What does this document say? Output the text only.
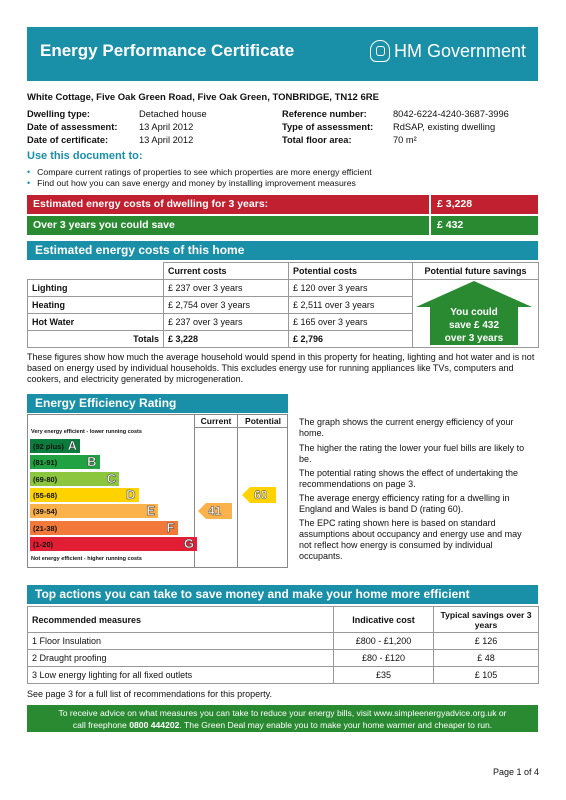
Energy Performance Certificate	HM Government
White Cottage, Five Oak Green Road, Five Oak Green, TONBRIDGE, TN12 6RE
Dwelling type:	Detached house
Date of assessment: 13 April 2012
Date of certificate:	13 April 2012
Reference number:	8042-6224-4240-3687-3996
Type of assessment: RdSAP, existing dwelling
Total floor area:	70 m²
Use this document to:
• Compare current ratings of properties to see which properties are more energy efficient
• Find out how you can save energy and money by installing improvement measures
Estimated energy costs of dwelling for 3 years:	£ 3,228
Over 3 years you could save	£ 432
Estimated energy costs of this home
	Current costs	Potential costs	Potential future savings
Lighting	£ 237 over 3 years	£ 120 over 3 years	
Heating	£ 2,754 over 3 years	£ 2,511 over 3 years	
Hot Water	£ 237 over 3 years	£ 165 over 3 years	
Totals	£ 3,228	£ 2,796	
You could
save £ 432
over 3 years
These figures show how much the average household would spend in this property for heating, lighting and hot water and is not based on energy used by individual households. This excludes energy use for running appliances like TVs, computers and cookers, and electricity generated by microgeneration.
Energy Efficiency Rating
Current	Potential
Very energy efficient - lower running costs
Not energy efficient - higher running costs
(92 plus) A
(81-91) B
(69-80)	C
(55-68)	D
(39-54)	E
(21-38)	F
(1-20)	G
41
60
The graph shows the current energy efficiency of your home.
The higher the rating the lower your fuel bills are likely to be.
The potential rating shows the effect of undertaking the recommendations on page 3.
The average energy efficiency rating for a dwelling in England and Wales is band D (rating 60).
The EPC rating shown here is based on standard assumptions about occupancy and energy use and may not reflect how energy is consumed by individual occupants.
Top actions you can take to save money and make your home more efficient
Recommended measures	Indicative cost	Typical savings over 3 years
1 Floor Insulation	£800 - £1,200	£ 126
2 Draught proofing	£80 - £120	£ 48
3 Low energy lighting for all fixed outlets	£35	£ 105
See page 3 for a full list of recommendations for this property.
To receive advice on what measures you can take to reduce your energy bills, visit www.simpleenergyadvice.org.uk or
call freephone 0800 444202. The Green Deal may enable you to make your home warmer and cheaper to run.
Page 1 of 4
